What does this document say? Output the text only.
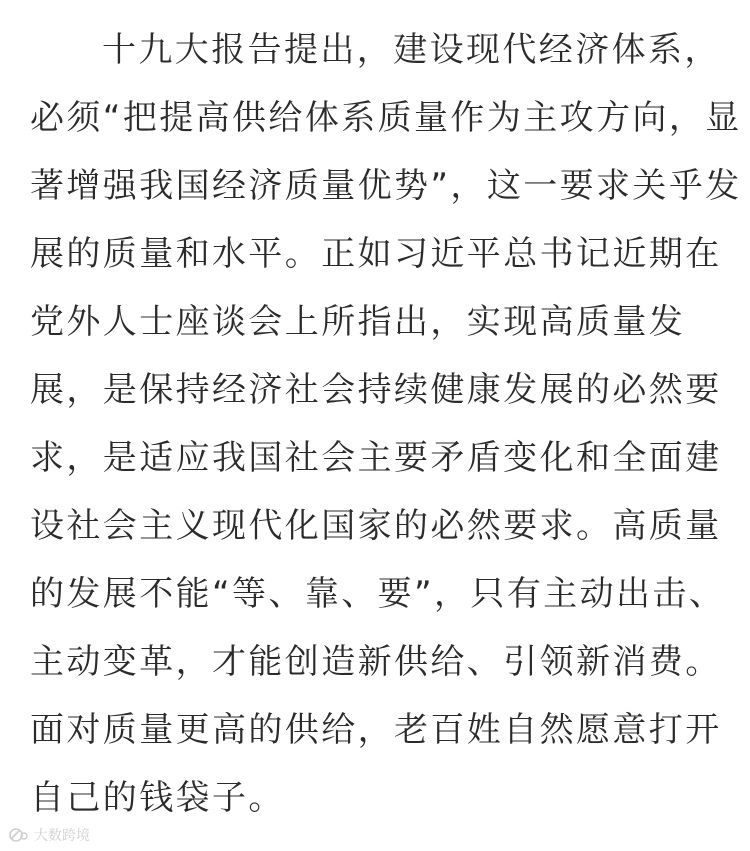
十九大报告提出，建设现代经济体系，
必须“把提高供给体系质量作为主攻方向，显
著增强我国经济质量优势”，这一要求关乎发
展的质量和水平。正如习近平总书记近期在
党外人士座谈会上所指出，实现高质量发
展，是保持经济社会持续健康发展的必然要
求，是适应我国社会主要矛盾变化和全面建
设社会主义现代化国家的必然要求。高质量
的发展不能“等、靠、要”，只有主动出击、
主动变革，才能创造新供给、引领新消费。
面对质量更高的供给，老百姓自然愿意打开
自己的钱袋子。
大数跨境
